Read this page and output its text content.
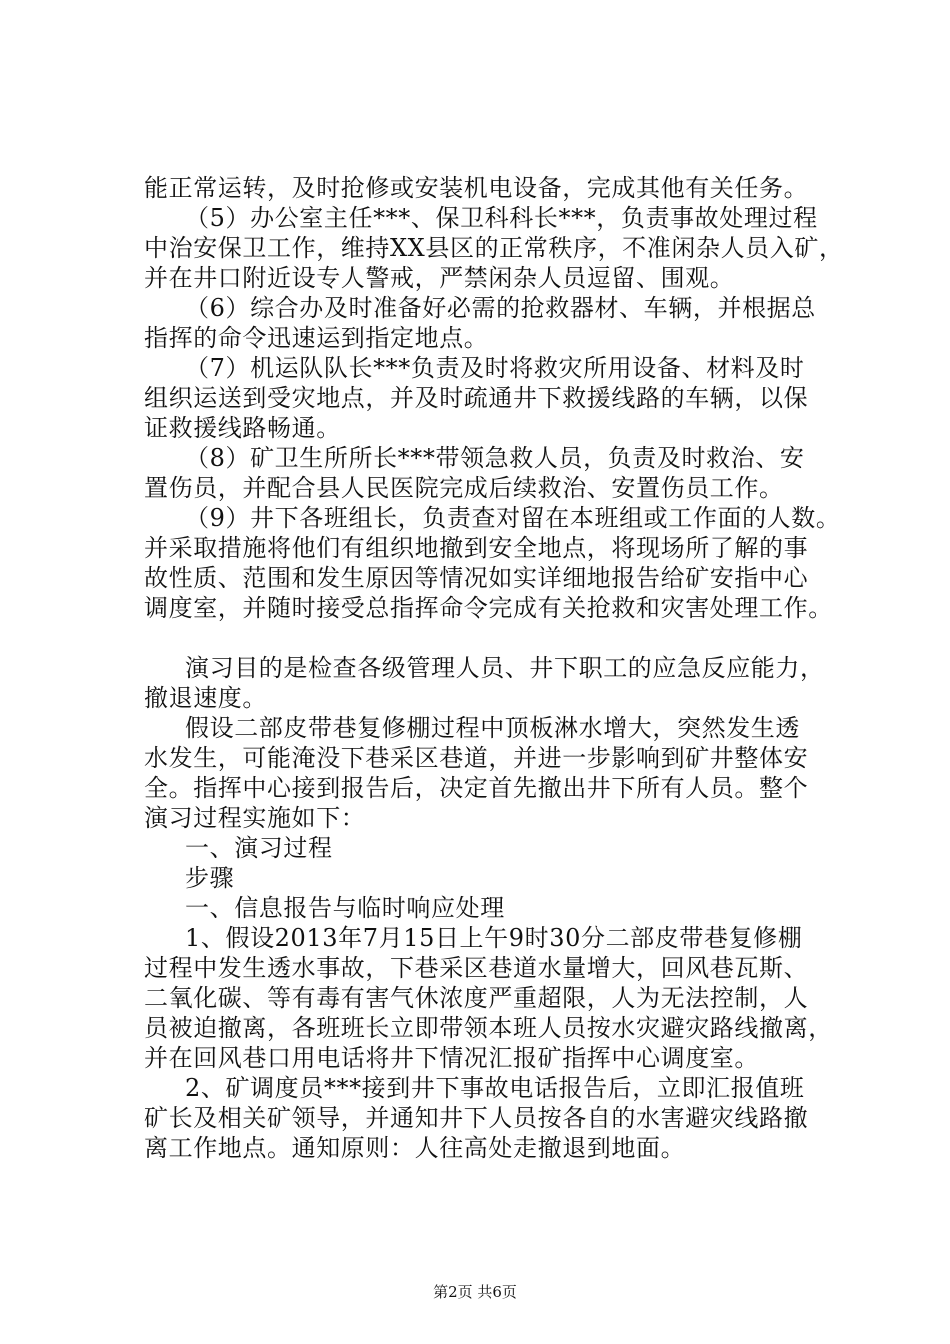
能正常运转，及时抢修或安装机电设备，完成其他有关任务。
（5）办公室主任***、保卫科科长***，负责事故处理过程
中治安保卫工作，维持XX县区的正常秩序，不准闲杂人员入矿，
并在井口附近设专人警戒，严禁闲杂人员逗留、围观。
（6）综合办及时准备好必需的抢救器材、车辆，并根据总
指挥的命令迅速运到指定地点。
（7）机运队队长***负责及时将救灾所用设备、材料及时
组织运送到受灾地点，并及时疏通井下救援线路的车辆，以保
证救援线路畅通。
（8）矿卫生所所长***带领急救人员，负责及时救治、安
置伤员，并配合县人民医院完成后续救治、安置伤员工作。
（9）井下各班组长，负责查对留在本班组或工作面的人数。
并采取措施将他们有组织地撤到安全地点，将现场所了解的事
故性质、范围和发生原因等情况如实详细地报告给矿安指中心
调度室，并随时接受总指挥命令完成有关抢救和灾害处理工作。
演习目的是检查各级管理人员、井下职工的应急反应能力，
撤退速度。
假设二部皮带巷复修棚过程中顶板淋水增大，突然发生透
水发生，可能淹没下巷采区巷道，并进一步影响到矿井整体安
全。指挥中心接到报告后，决定首先撤出井下所有人员。整个
演习过程实施如下：
一、演习过程
步骤
一、信息报告与临时响应处理
1、假设2013年7月15日上午9时30分二部皮带巷复修棚
过程中发生透水事故，下巷采区巷道水量增大，回风巷瓦斯、
二氧化碳、等有毒有害气休浓度严重超限，人为无法控制，人
员被迫撤离，各班班长立即带领本班人员按水灾避灾路线撤离，
并在回风巷口用电话将井下情况汇报矿指挥中心调度室。
2、矿调度员***接到井下事故电话报告后，立即汇报值班
矿长及相关矿领导，并通知井下人员按各自的水害避灾线路撤
离工作地点。通知原则：人往高处走撤退到地面。
第2页 共6页
